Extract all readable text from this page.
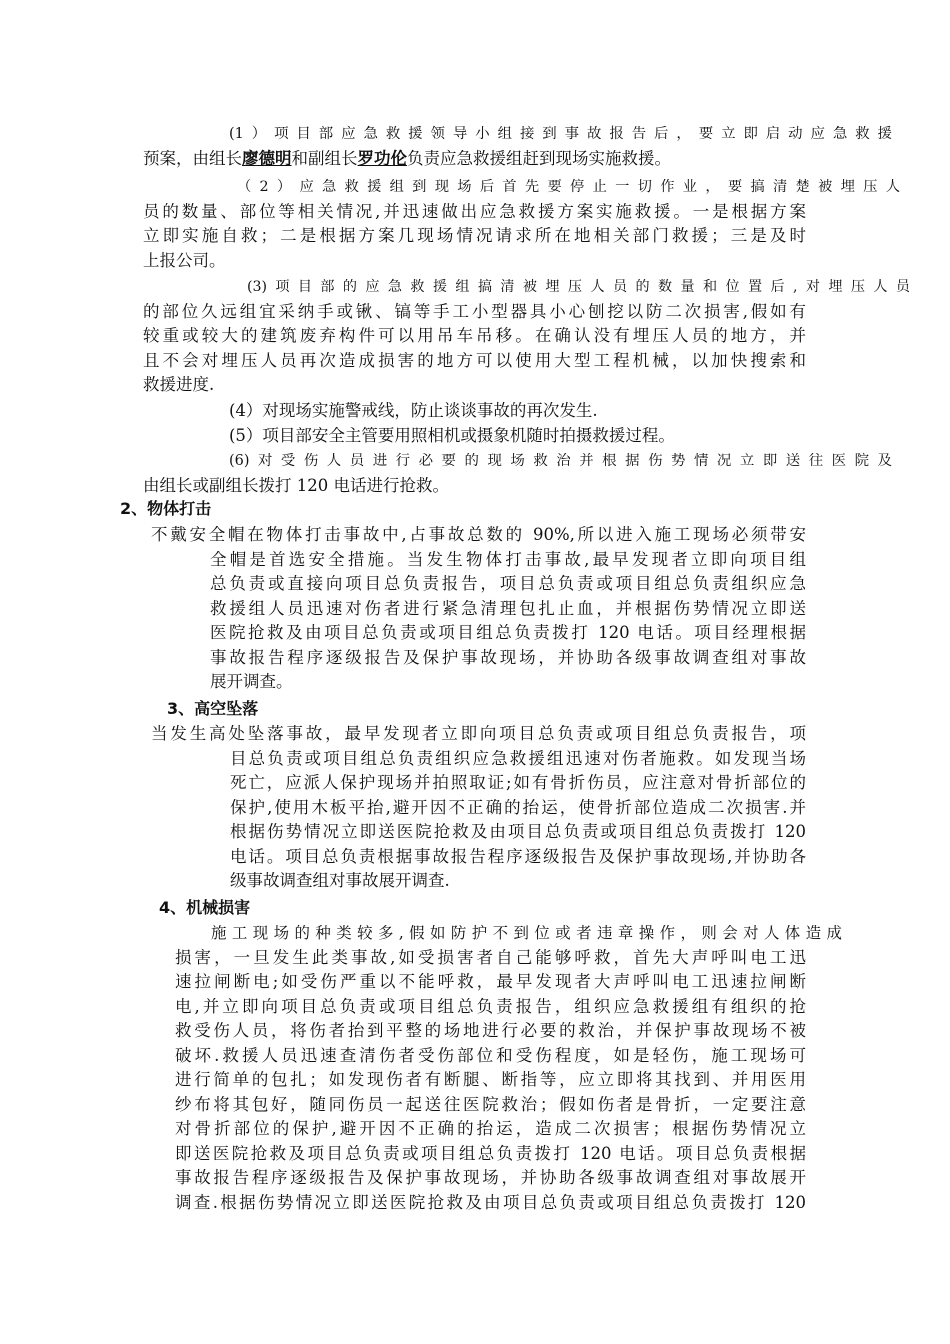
(1）项目部应急救援领导小组接到事故报告后，要立即启动应急救援
预案，由组长廖德明和副组长罗功伦负责应急救援组赶到现场实施救援。
（2）应急救援组到现场后首先要停止一切作业，要搞清楚被埋压人
员的数量、部位等相关情况,并迅速做出应急救援方案实施救援。一是根据方案
立即实施自救；二是根据方案几现场情况请求所在地相关部门救援；三是及时
上报公司。
(3)项目部的应急救援组搞清被埋压人员的数量和位置后,对埋压人员
的部位久远组宜采纳手或锹、镐等手工小型器具小心刨挖以防二次损害,假如有
较重或较大的建筑废弃构件可以用吊车吊移。在确认没有埋压人员的地方，并
且不会对埋压人员再次造成损害的地方可以使用大型工程机械，以加快搜索和
救援进度.
(4）对现场实施警戒线，防止谈谈事故的再次发生.
(5）项目部安全主管要用照相机或摄象机随时拍摄救援过程。
(6)对受伤人员进行必要的现场救治并根据伤势情况立即送往医院及
由组长或副组长拨打 120 电话进行抢救。
2、物体打击
不戴安全帽在物体打击事故中,占事故总数的 90%,所以进入施工现场必须带安
全帽是首选安全措施。当发生物体打击事故,最早发现者立即向项目组
总负责或直接向项目总负责报告，项目总负责或项目组总负责组织应急
救援组人员迅速对伤者进行紧急清理包扎止血，并根据伤势情况立即送
医院抢救及由项目总负责或项目组总负责拨打 120 电话。项目经理根据
事故报告程序逐级报告及保护事故现场，并协助各级事故调查组对事故
展开调查。
3、高空坠落
当发生高处坠落事故，最早发现者立即向项目总负责或项目组总负责报告，项
目总负责或项目组总负责组织应急救援组迅速对伤者施救。如发现当场
死亡，应派人保护现场并拍照取证;如有骨折伤员，应注意对骨折部位的
保护,使用木板平抬,避开因不正确的抬运，使骨折部位造成二次损害.并
根据伤势情况立即送医院抢救及由项目总负责或项目组总负责拨打 120
电话。项目总负责根据事故报告程序逐级报告及保护事故现场,并协助各
级事故调查组对事故展开调查.
4、机械损害
施工现场的种类较多,假如防护不到位或者违章操作，则会对人体造成
损害，一旦发生此类事故,如受损害者自己能够呼救，首先大声呼叫电工迅
速拉闸断电;如受伤严重以不能呼救，最早发现者大声呼叫电工迅速拉闸断
电,并立即向项目总负责或项目组总负责报告，组织应急救援组有组织的抢
救受伤人员，将伤者抬到平整的场地进行必要的救治，并保护事故现场不被
破坏.救援人员迅速查清伤者受伤部位和受伤程度，如是轻伤，施工现场可
进行简单的包扎；如发现伤者有断腿、断指等，应立即将其找到、并用医用
纱布将其包好，随同伤员一起送往医院救治；假如伤者是骨折，一定要注意
对骨折部位的保护,避开因不正确的抬运，造成二次损害；根据伤势情况立
即送医院抢救及项目总负责或项目组总负责拨打 120 电话。项目总负责根据
事故报告程序逐级报告及保护事故现场，并协助各级事故调查组对事故展开
调查.根据伤势情况立即送医院抢救及由项目总负责或项目组总负责拨打 120
